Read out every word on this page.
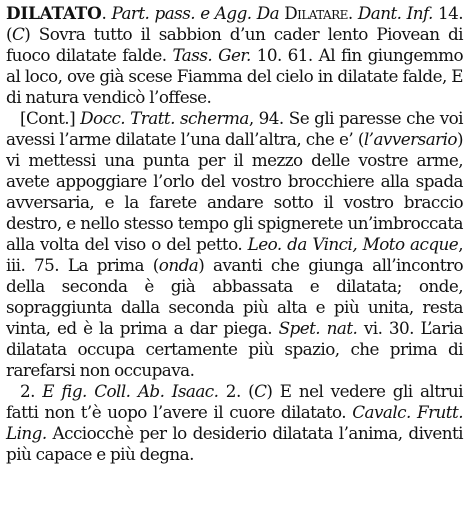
DILATATO. Part. pass. e Agg. Da Dilatare. Dant. Inf. 14. (C) Sovra tutto il sabbion d’un cader lento Piovean di fuoco dilatate falde. Tass. Ger. 10. 61. Al fin giungemmo al loco, ove già scese Fiamma del cielo in dilatate falde, E di natura vendicò l’offese.

[Cont.] Docc. Tratt. scherma, 94. Se gli paresse che voi avessi l’arme dilatate l’una dall’altra, che e’ (l’avversario) vi mettessi una punta per il mezzo delle vostre arme, avete appoggiare l’orlo del vostro brocchiere alla spada avversaria, e la farete andare sotto il vostro braccio destro, e nello stesso tempo gli spignerete un’imbroccata alla volta del viso o del petto. Leo. da Vinci, Moto acque, iii. 75. La prima (onda) avanti che giunga all’incontro della seconda è già abbassata e dilatata; onde, sopraggiunta dalla seconda più alta e più unita, resta vinta, ed è la prima a dar piega. Spet. nat. vi. 30. L’aria dilatata occupa certamente più spazio, che prima di rarefarsi non occupava.

2. E fig. Coll. Ab. Isaac. 2. (C) E nel vedere gli altrui fatti non t’è uopo l’avere il cuore dilatato. Cavalc. Frutt. Ling. Acciocchè per lo desiderio dilatata l’anima, diventi più capace e più degna.
